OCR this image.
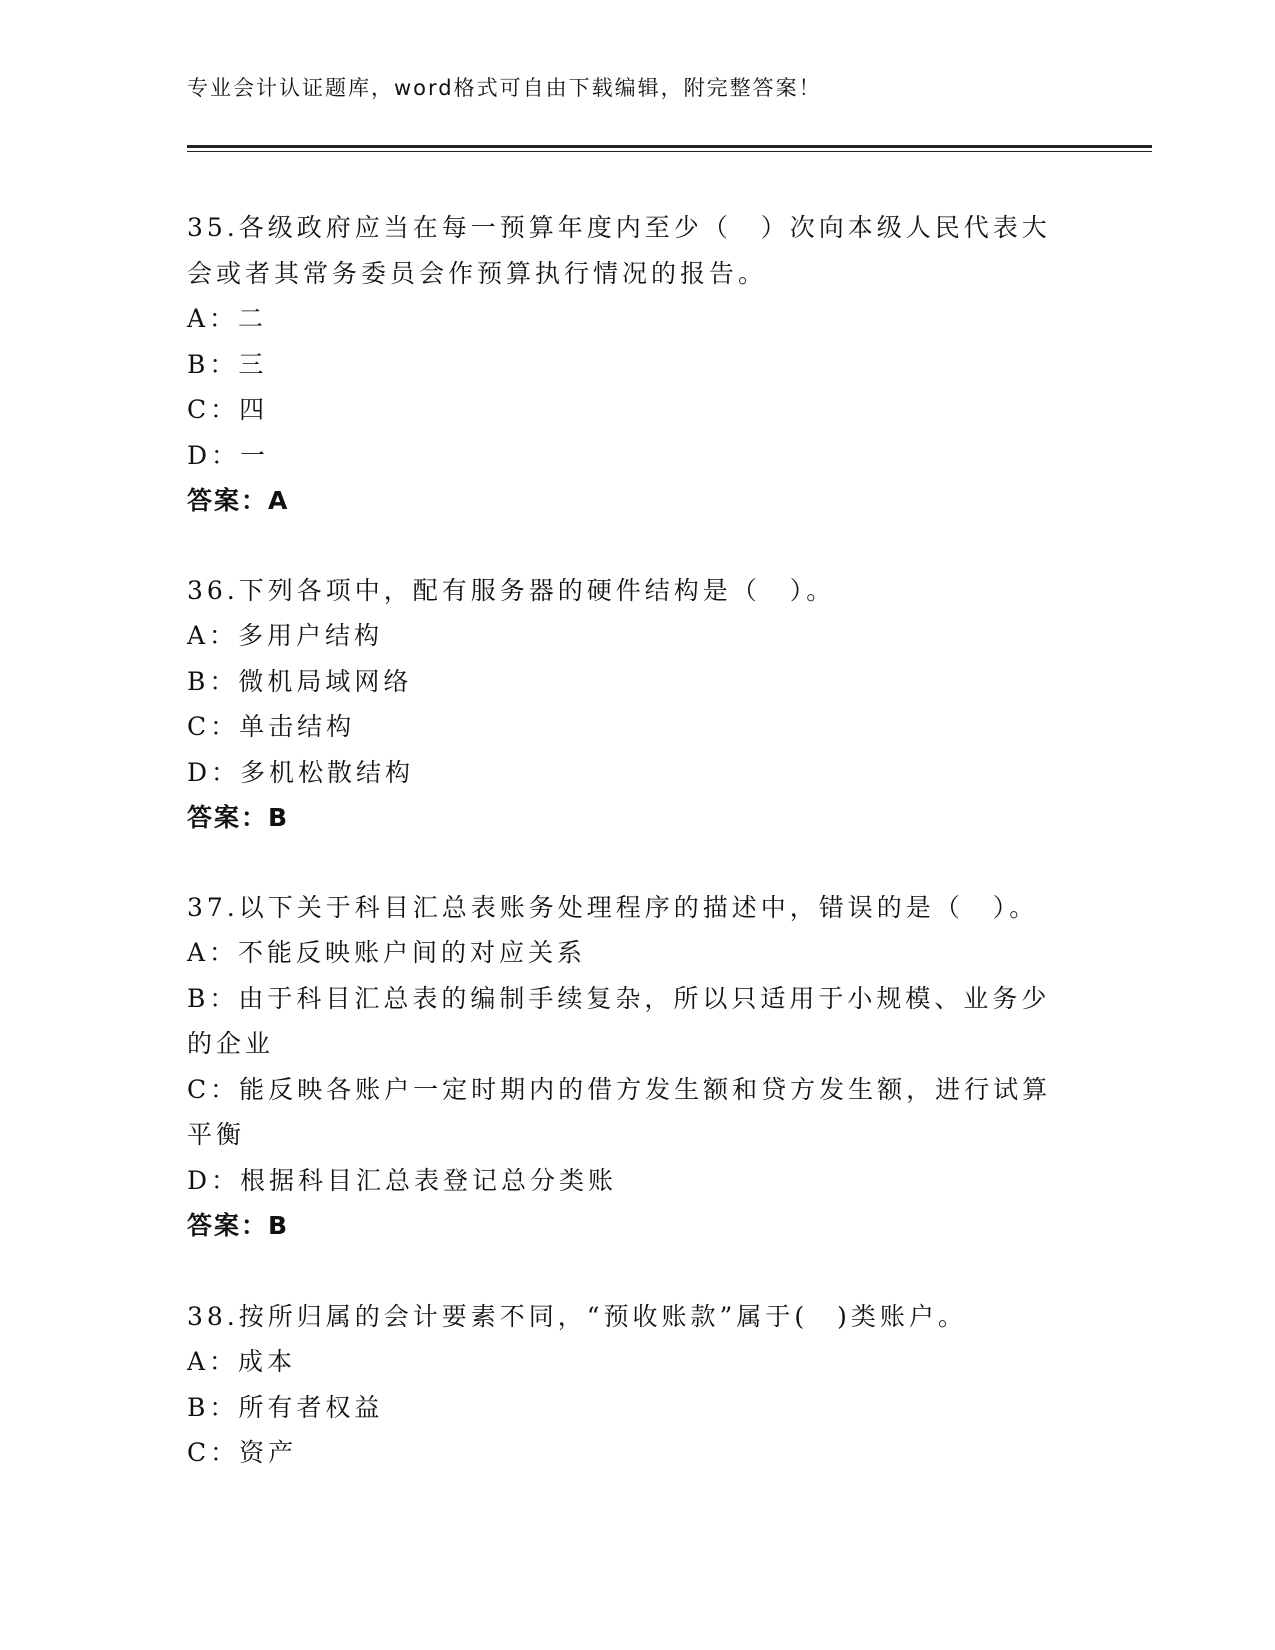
专业会计认证题库，word格式可自由下载编辑，附完整答案！

35.各级政府应当在每一预算年度内至少（　）次向本级人民代表大会或者其常务委员会作预算执行情况的报告。

A：二

B：三

C：四

D：一

答案：A

36.下列各项中，配有服务器的硬件结构是（　）。

A：多用户结构

B：微机局域网络

C：单击结构

D：多机松散结构

答案：B

37.以下关于科目汇总表账务处理程序的描述中，错误的是（　）。

A：不能反映账户间的对应关系

B：由于科目汇总表的编制手续复杂，所以只适用于小规模、业务少的企业

C：能反映各账户一定时期内的借方发生额和贷方发生额，进行试算平衡

D：根据科目汇总表登记总分类账

答案：B

38.按所归属的会计要素不同，“预收账款”属于(　)类账户。

A：成本

B：所有者权益

C：资产
